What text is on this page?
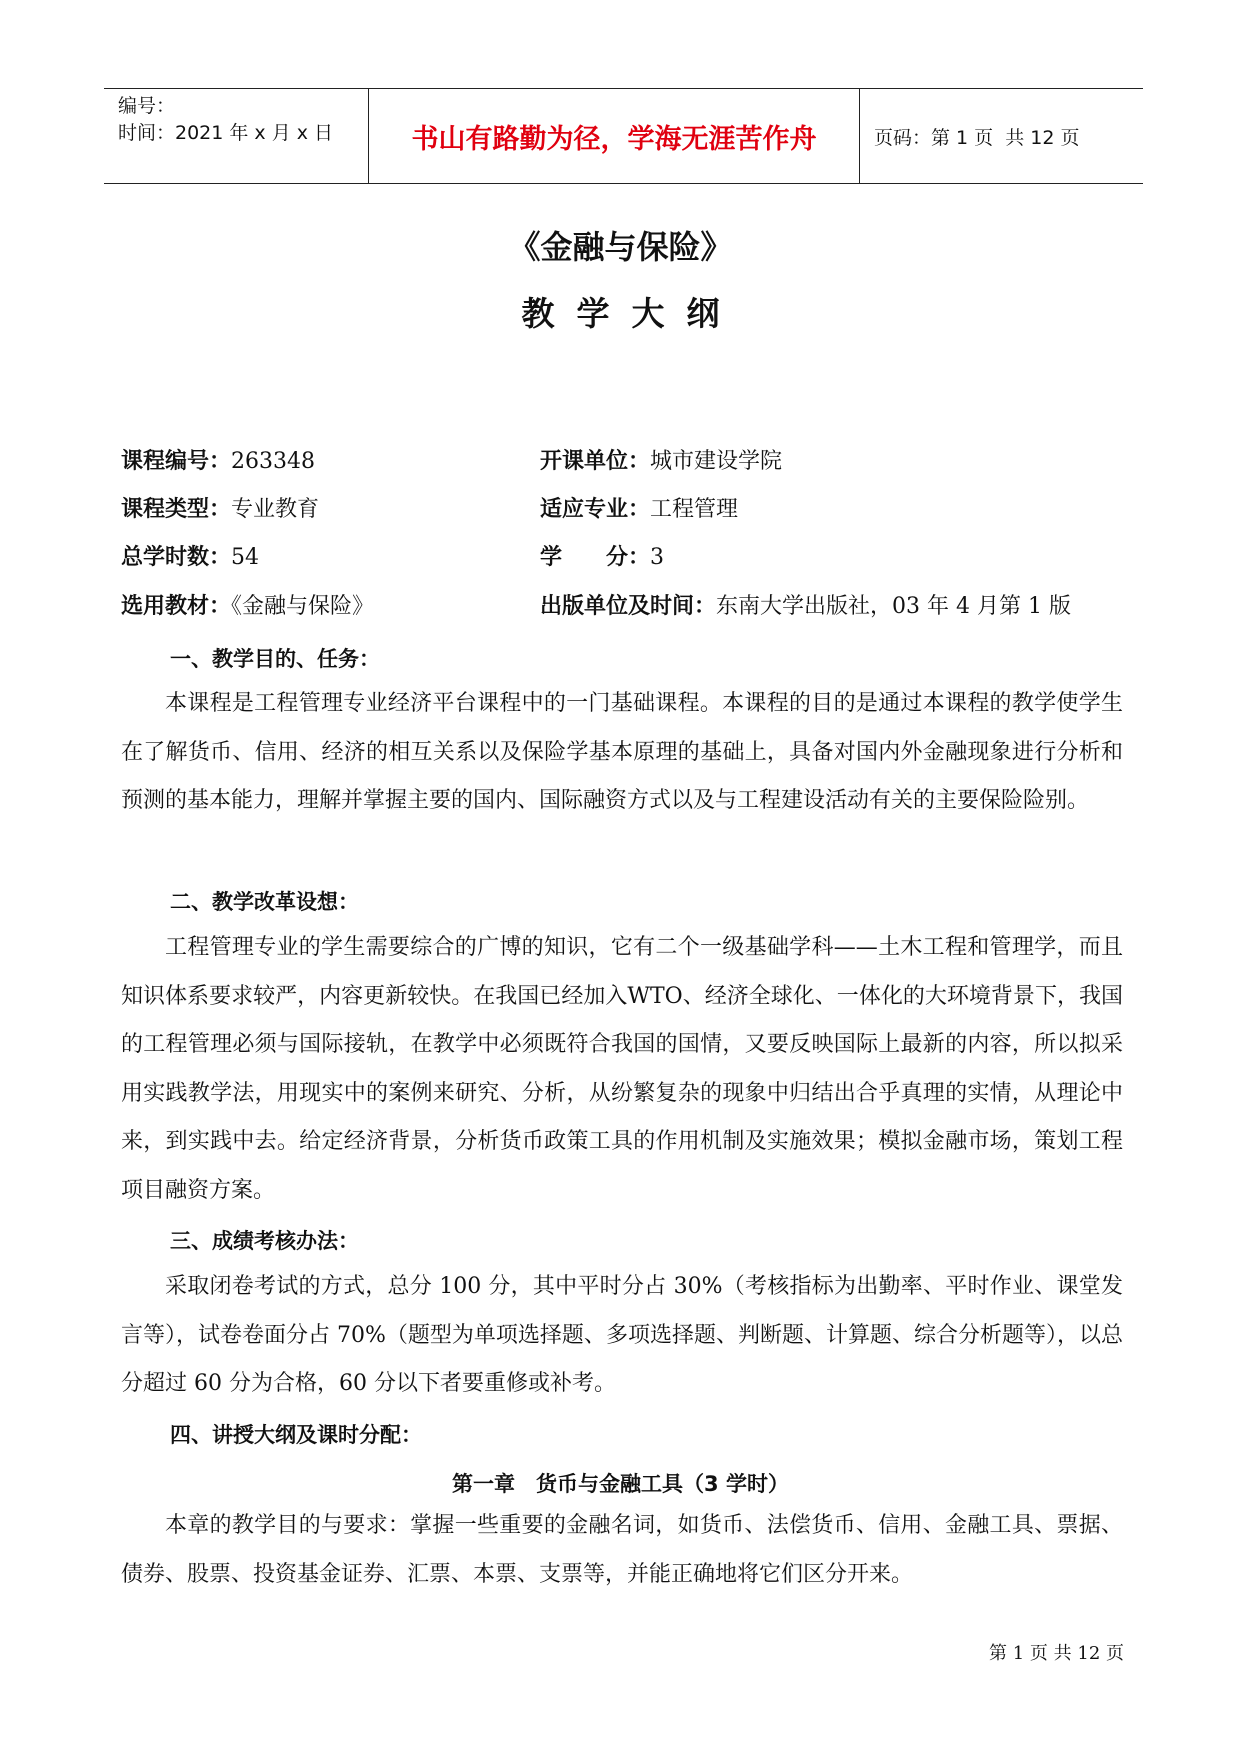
编号：
时间：2021 年 x 月 x 日	书山有路勤为径，学海无涯苦作舟	页码：第 1 页  共 12 页
《金融与保险》
教学大纲
课程编号：263348	开课单位：城市建设学院
课程类型：专业教育	适应专业：工程管理
总学时数：54	学　　分：3
选用教材：《金融与保险》	出版单位及时间：东南大学出版社，03 年 4 月第 1 版
一、教学目的、任务：
本课程是工程管理专业经济平台课程中的一门基础课程。本课程的目的是通过本课程的教学使学生在了解货币、信用、经济的相互关系以及保险学基本原理的基础上，具备对国内外金融现象进行分析和预测的基本能力，理解并掌握主要的国内、国际融资方式以及与工程建设活动有关的主要保险险别。
二、教学改革设想：
工程管理专业的学生需要综合的广博的知识，它有二个一级基础学科——土木工程和管理学，而且知识体系要求较严，内容更新较快。在我国已经加入WTO、经济全球化、一体化的大环境背景下，我国的工程管理必须与国际接轨，在教学中必须既符合我国的国情，又要反映国际上最新的内容，所以拟采用实践教学法，用现实中的案例来研究、分析，从纷繁复杂的现象中归结出合乎真理的实情，从理论中来，到实践中去。给定经济背景，分析货币政策工具的作用机制及实施效果；模拟金融市场，策划工程项目融资方案。
三、成绩考核办法：
采取闭卷考试的方式，总分 100 分，其中平时分占 30%（考核指标为出勤率、平时作业、课堂发言等），试卷卷面分占 70%（题型为单项选择题、多项选择题、判断题、计算题、综合分析题等），以总分超过 60 分为合格，60 分以下者要重修或补考。
四、讲授大纲及课时分配：
第一章　货币与金融工具（3 学时）
本章的教学目的与要求：掌握一些重要的金融名词，如货币、法偿货币、信用、金融工具、票据、债券、股票、投资基金证券、汇票、本票、支票等，并能正确地将它们区分开来。
第 1 页 共 12 页
